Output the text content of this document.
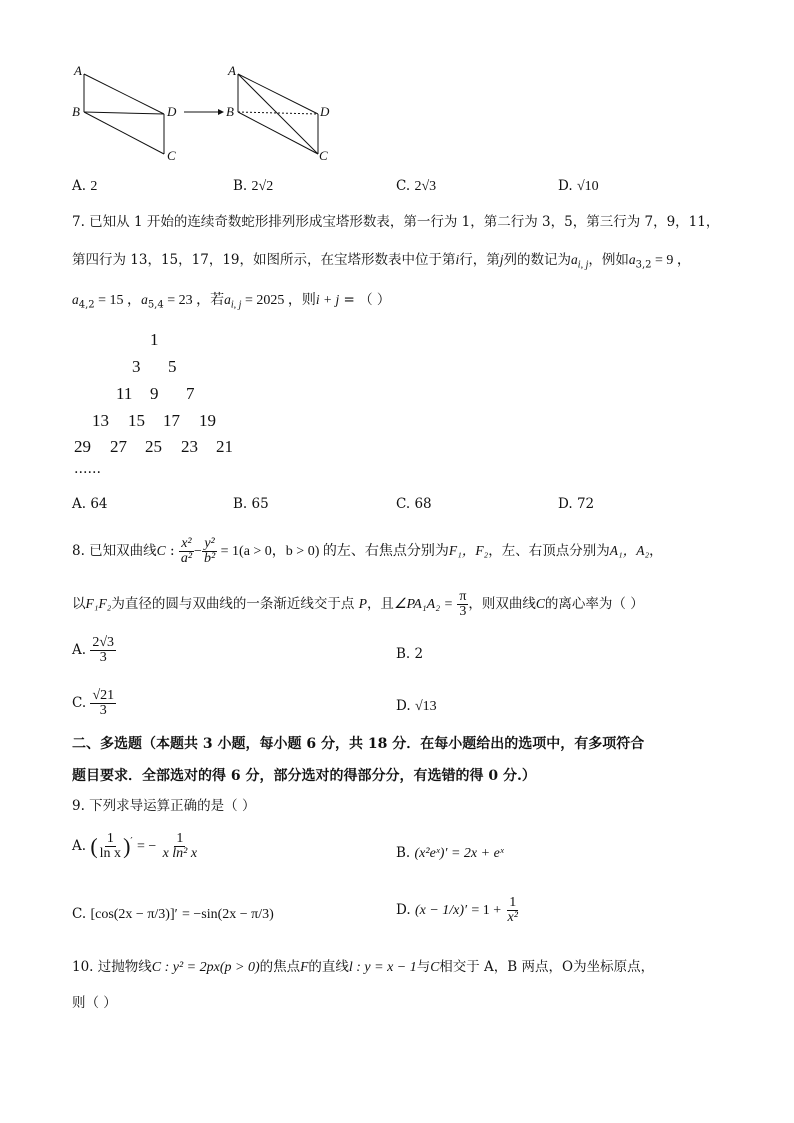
A
B
C
D
A
B
C
D
A. 2	B. 2√2	C. 2√3	D. √10
7. 已知从 1 开始的连续奇数蛇形排列形成宝塔形数表，第一行为 1，第二行为 3，5，第三行为 7，9，11，
第四行为 13，15，17，19，如图所示，在宝塔形数表中位于第i行，第j列的数记为$a_{i, j}$，例如$a_{3,2} = 9$ ，
$a_{4,2} = 15$ ，$a_{5,4} = 23$ ，若$a_{i, j} = 2025$ ，则i + j = （ ）
1
3 5
11 9 7
13 15 17 19
29 27 25 23 21
……
A. 64	B. 65	C. 68	D. 72
8. 已知双曲线C : $\frac{\text{x²}}{\text{a²}} - \frac{\text{y²}}{\text{b²}} = 1(a > 0$，b > 0) 的左、右焦点分别为F₁，F₂，左、右顶点分别为A₁，A₂，
以F₁F₂为直径的圆与双曲线的一条渐近线交于点 P，且∠PA₁A₂ = $\frac{\pi}{3}$ ，则双曲线C的离心率为（ ）
A. $\frac{2√3}{3}$	B. 2
C. $\frac{√21}{3}$	D. √13
二、多选题（本题共 3 小题，每小题 6 分，共 18 分．在每小题给出的选项中，有多项符合
题目要求．全部选对的得 6 分，部分选对的得部分分，有选错的得 0 分.）
9. 下列求导运算正确的是（ ）
A. ( $\frac{1}{\text{ln x}} )'$ = − $\frac{1}{\text{x ln² x}}$	B. (x²eˣ)′ = 2x + eˣ
C. [cos(2x − π/3)]′ = −sin(2x − π/3)	D. $(x - 1/x)' = 1 + \frac{1}{\text{x²}}$
10. 过抛物线C : y² = 2px(p > 0)的焦点F的直线l : y = x − 1与C相交于 A，B 两点，O为坐标原点，
则（ ）
